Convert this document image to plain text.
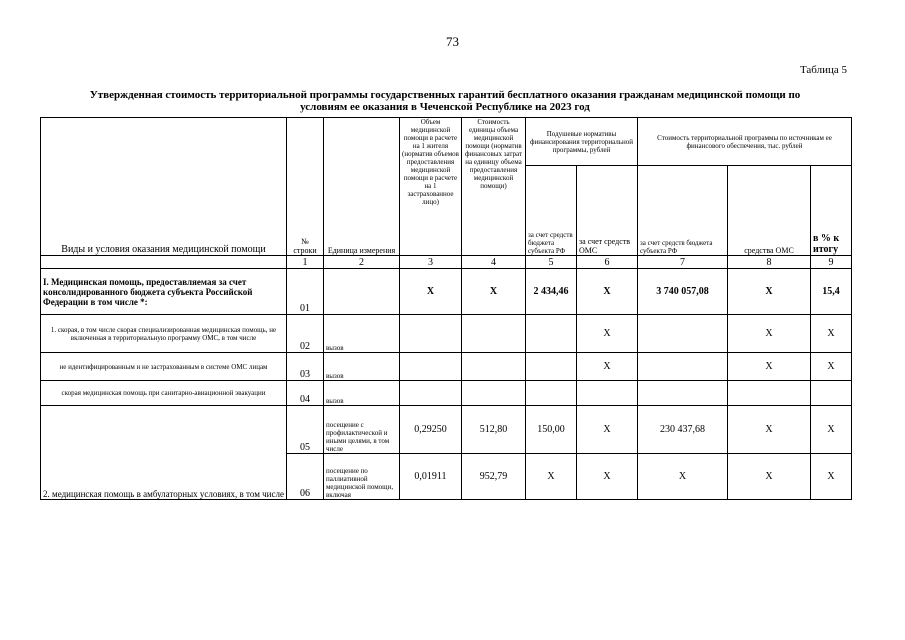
73
Таблица 5
Утвержденная стоимость территориальной программы государственных гарантий бесплатного оказания гражданам медицинской помощи по
условиям ее оказания в Чеченской Республике на 2023 год
Виды и условия оказания медицинской помощи	№ строки	Единица измерения	Объем медицинской помощи в расчете на 1 жителя (норматив объемов предоставления медицинской помощи в расчете на 1 застрахованное лицо)	Стоимость единицы объема медицинской помощи (норматив финансовых затрат на единицу объема предоставления медицинской помощи)	Подушевые нормативы финансирования территориальной программы, рублей		Стоимость территориальной программы по источникам ее финансового обеспечения, тыс. рублей		
					за счет средств бюджета субъекта РФ	за счет средств ОМС	за счет средств бюджета субъекта РФ	средства ОМС	в % к итогу
	1	2	3	4	5	6	7	8	9
I. Медицинская помощь, предоставляемая за счет консолидированного бюджета субъекта Российской Федерации в том числе *:	01		X	X	2 434,46	X	3 740 057,08	X	15,4
1. скорая, в том числе скорая специализированная медицинская помощь, не включенная в территориальную программу ОМС, в том числе	02	вызов				X		X	X
не идентифицированным и не застрахованным в системе ОМС лицам	03	вызов				X		X	X
скорая медицинская помощь при санитарно-авиационной эвакуации	04	вызов							
2. медицинская помощь в амбулаторных условиях, в том числе	05	посещение с профилактической и иными целями, в том числе	0,29250	512,80	150,00	X	230 437,68	X	X
	06	посещение по паллиативной медицинской помощи, включая	0,01911	952,79	X	X	X	X	X
